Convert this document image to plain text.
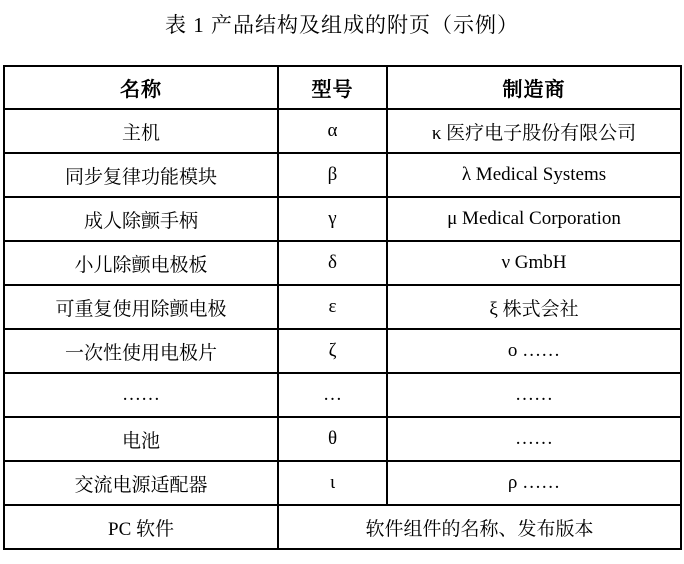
表 1 产品结构及组成的附页（示例）
名称	型号	制造商
主机	α	κ 医疗电子股份有限公司
同步复律功能模块	β	λ Medical Systems
成人除颤手柄	γ	μ Medical Corporation
小儿除颤电极板	δ	ν GmbH
可重复使用除颤电极	ε	ξ 株式会社
一次性使用电极片	ζ	ο ……
……	…	……
电池	θ	……
交流电源适配器	ι	ρ ……
PC 软件	软件组件的名称、发布版本	
